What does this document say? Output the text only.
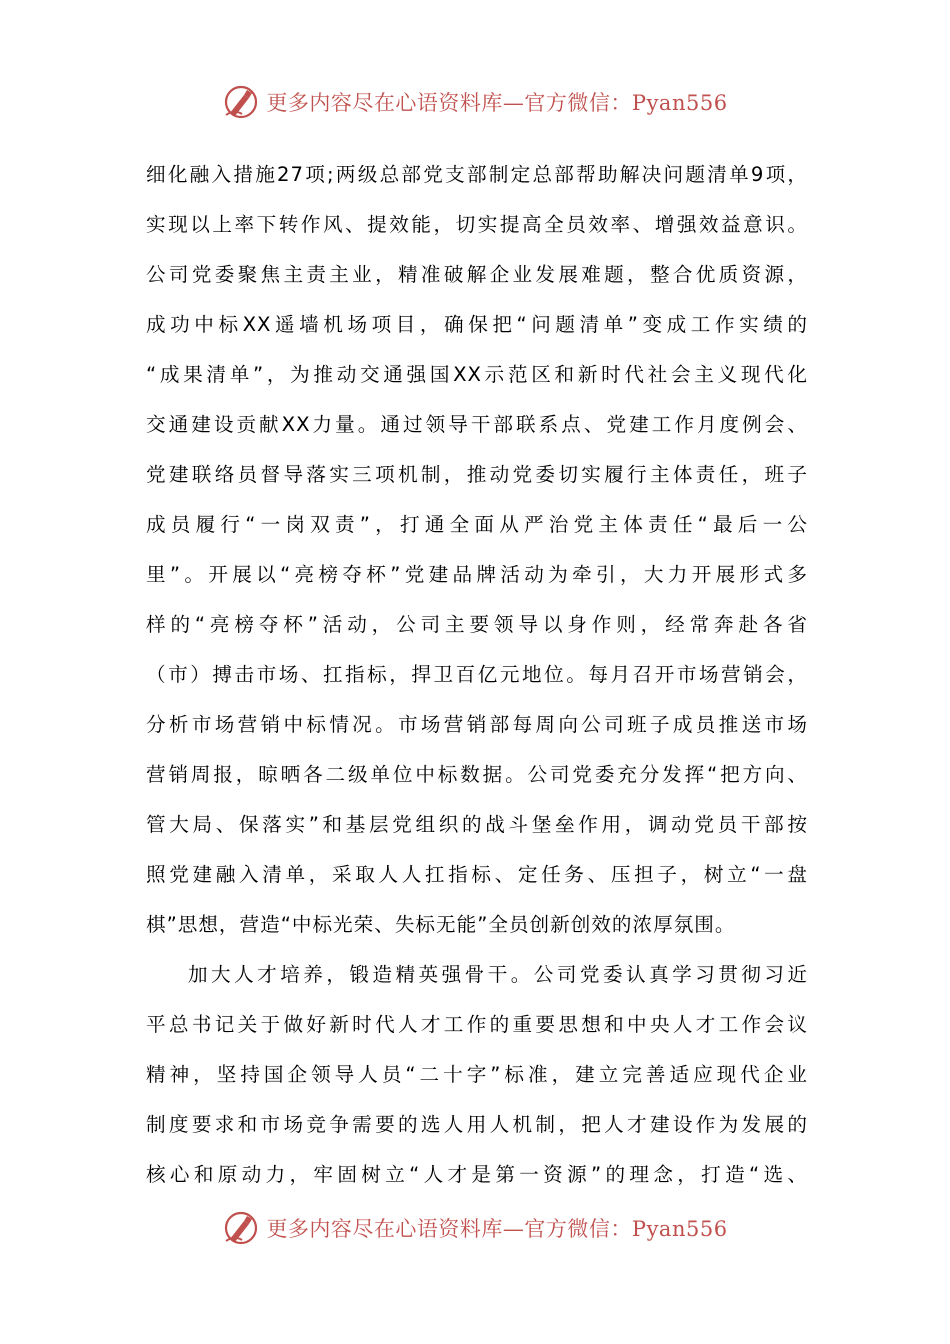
更多内容尽在心语资料库—官方微信：Pyan556
细化融入措施27项;两级总部党支部制定总部帮助解决问题清单9项，
实现以上率下转作风、提效能，切实提高全员效率、增强效益意识。
公司党委聚焦主责主业，精准破解企业发展难题，整合优质资源，
成功中标XX遥墙机场项目，确保把“问题清单”变成工作实绩的
“成果清单”，为推动交通强国XX示范区和新时代社会主义现代化
交通建设贡献XX力量。通过领导干部联系点、党建工作月度例会、
党建联络员督导落实三项机制，推动党委切实履行主体责任，班子
成员履行“一岗双责”，打通全面从严治党主体责任“最后一公
里”。开展以“亮榜夺杯”党建品牌活动为牵引，大力开展形式多
样的“亮榜夺杯”活动，公司主要领导以身作则，经常奔赴各省
（市）搏击市场、扛指标，捍卫百亿元地位。每月召开市场营销会，
分析市场营销中标情况。市场营销部每周向公司班子成员推送市场
营销周报，晾晒各二级单位中标数据。公司党委充分发挥“把方向、
管大局、保落实”和基层党组织的战斗堡垒作用，调动党员干部按
照党建融入清单，采取人人扛指标、定任务、压担子，树立“一盘
棋”思想，营造“中标光荣、失标无能”全员创新创效的浓厚氛围。
加大人才培养，锻造精英强骨干。公司党委认真学习贯彻习近
平总书记关于做好新时代人才工作的重要思想和中央人才工作会议
精神，坚持国企领导人员“二十字”标准，建立完善适应现代企业
制度要求和市场竞争需要的选人用人机制，把人才建设作为发展的
核心和原动力，牢固树立“人才是第一资源”的理念，打造“选、
更多内容尽在心语资料库—官方微信：Pyan556
